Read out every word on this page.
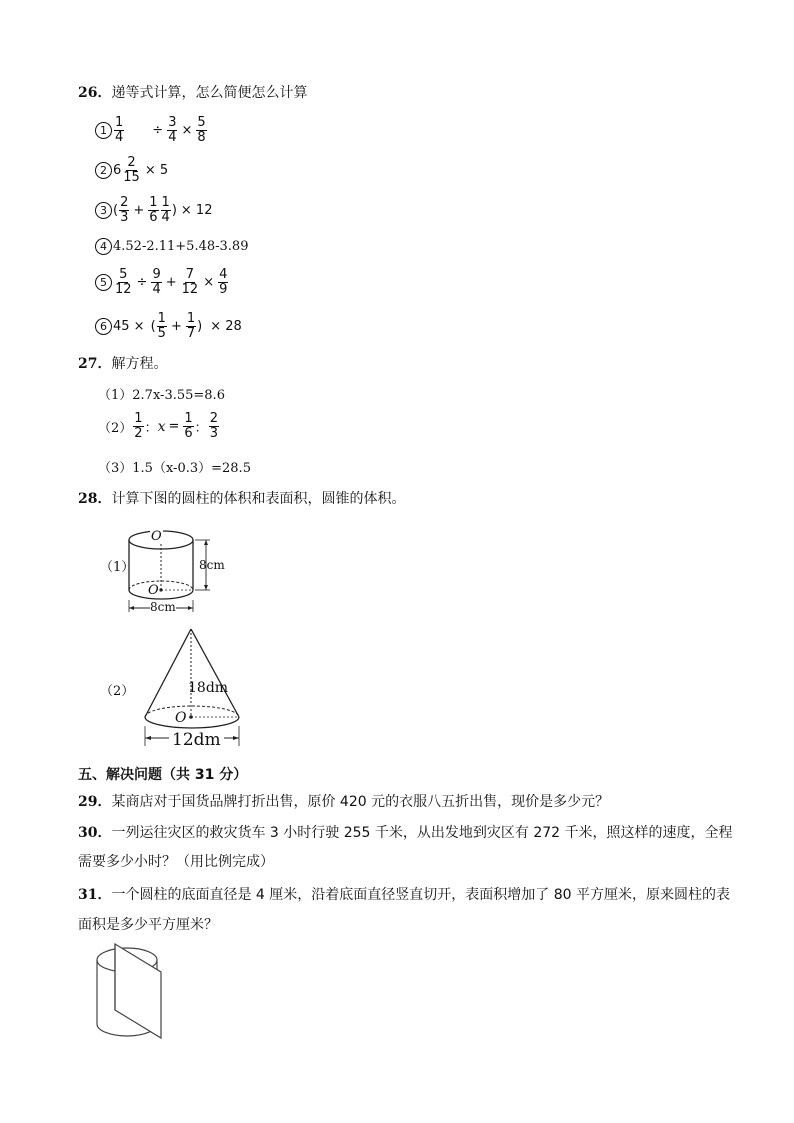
26．递等式计算，怎么简便怎么计算
$1 \frac{1}{4} \div \frac{3}{4} \times \frac{5}{8}$
2 $6 \frac{2}{15} \times 5$
3 ( $\frac{2}{3} + \frac{1}{6} \frac{1}{4}$ ) × 12
4 4.52-2.11+5.48-3.89
$5 \frac{5}{12} \div \frac{9}{4} + \frac{7}{12} \times \frac{4}{9}$
6 45 × ( $\frac{1}{5} + \frac{1}{7}$ ) × 28
27．解方程。
（1）2.7x-3.55=8.6
$(2) \frac{1}{2}$ ： $x = \frac{1}{6}$ ： $\frac{2}{3}$
（3）1.5（x-0.3）=28.5
28．计算下图的圆柱的体积和表面积，圆锥的体积。
（1）
O
O
8cm
8cm
（2）	18dm
O
12dm
五、解决问题（共 31 分）
29．某商店对于国货品牌打折出售，原价 420 元的衣服八五折出售，现价是多少元？
30．一列运往灾区的救灾货车 3 小时行驶 255 千米，从出发地到灾区有 272 千米，照这样的速度，全程
需要多少小时？（用比例完成）
31．一个圆柱的底面直径是 4 厘米，沿着底面直径竖直切开，表面积增加了 80 平方厘米，原来圆柱的表
面积是多少平方厘米？
